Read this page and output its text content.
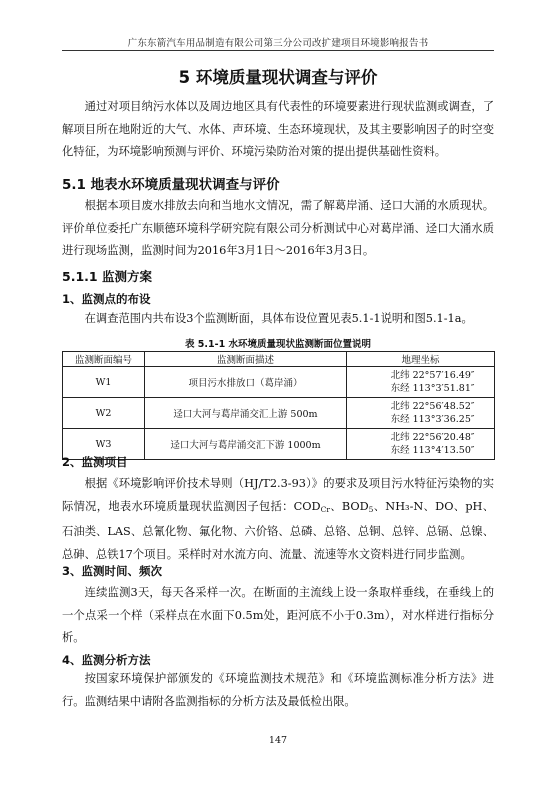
广东东箭汽车用品制造有限公司第三分公司改扩建项目环境影响报告书
5 环境质量现状调查与评价

通过对项目纳污水体以及周边地区具有代表性的环境要素进行现状监测或调查，了解项目所在地附近的大气、水体、声环境、生态环境现状，及其主要影响因子的时空变化特征，为环境影响预测与评价、环境污染防治对策的提出提供基础性资料。

5.1 地表水环境质量现状调查与评价

根据本项目废水排放去向和当地水文情况，需了解葛岸涌、迳口大涌的水质现状。评价单位委托广东顺德环境科学研究院有限公司分析测试中心对葛岸涌、迳口大涌水质进行现场监测，监测时间为2016年3月1日～2016年3月3日。

5.1.1 监测方案
1、监测点的布设

在调查范围内共布设3个监测断面，具体布设位置见表5.1-1说明和图5.1-1a。

表 5.1-1 水环境质量现状监测断面位置说明
监测断面编号	监测断面描述	地理坐标
W1	项目污水排放口（葛岸涌）	北纬 22°57′16.49″
东经 113°3′51.81″

W2	迳口大河与葛岸涌交汇上游 500m	北纬 22°56′48.52″
东经 113°3′36.25″

W3	迳口大河与葛岸涌交汇下游 1000m	北纬 22°56′20.48″
东经 113°4′13.50″
2、监测项目

根据《环境影响评价技术导则（HJ/T2.3-93）》的要求及项目污水特征污染物的实际情况，地表水环境质量现状监测因子包括：$COD_{Cr}$、$BOD_5$、NH₃-N、DO、pH、石油类、LAS、总氰化物、氟化物、六价铬、总磷、总铬、总铜、总锌、总镉、总镍、总砷、总铁17个项目。采样时对水流方向、流量、流速等水文资料进行同步监测。

3、监测时间、频次

连续监测3天，每天各采样一次。在断面的主流线上设一条取样垂线，在垂线上的一个点采一个样（采样点在水面下0.5m处，距河底不小于0.3m），对水样进行指标分析。

4、监测分析方法

按国家环境保护部颁发的《环境监测技术规范》和《环境监测标准分析方法》进行。监测结果中请附各监测指标的分析方法及最低检出限。

147
